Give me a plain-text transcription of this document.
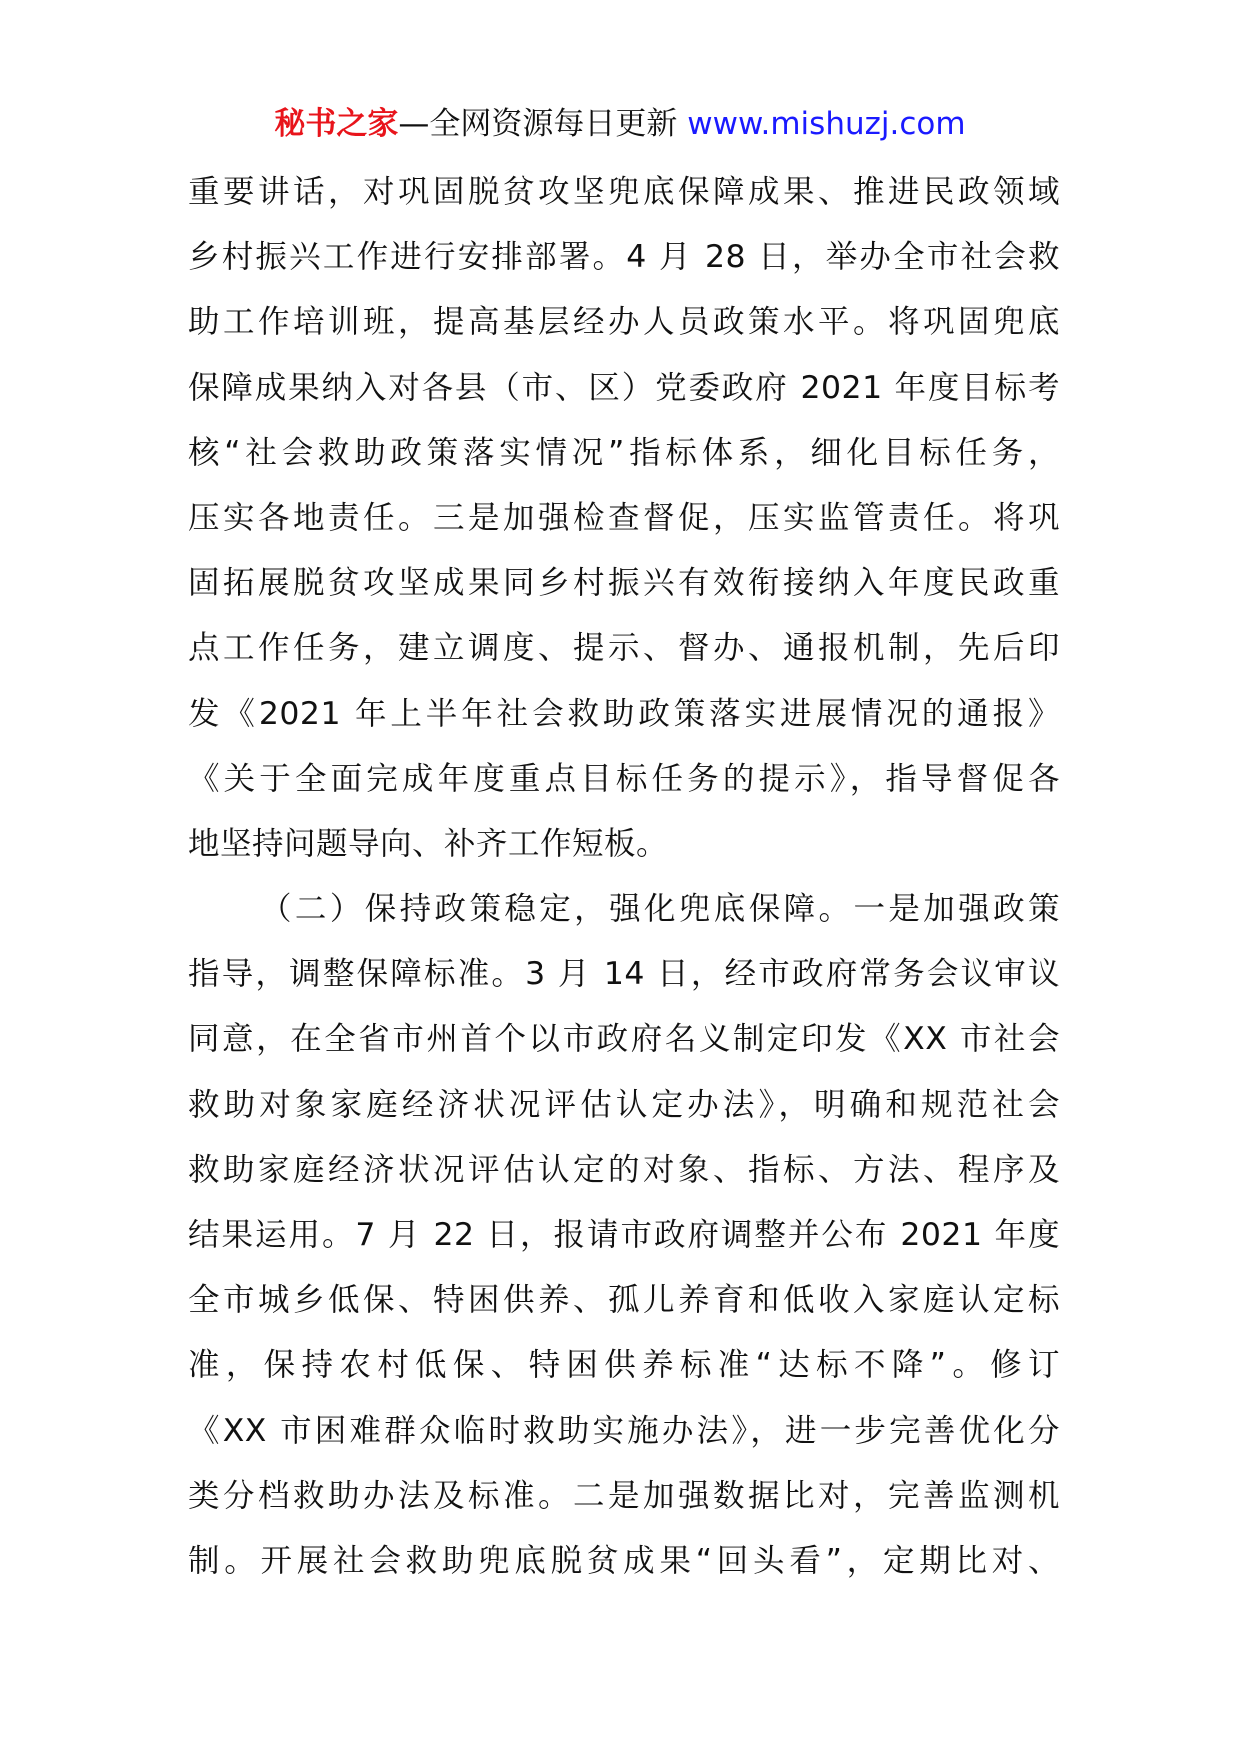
秘书之家—全网资源每日更新 www.mishuzj.com
重要讲话，对巩固脱贫攻坚兜底保障成果、推进民政领域
乡村振兴工作进行安排部署。4 月 28 日，举办全市社会救
助工作培训班，提高基层经办人员政策水平。将巩固兜底
保障成果纳入对各县（市、区）党委政府 2021 年度目标考
核“社会救助政策落实情况”指标体系，细化目标任务，
压实各地责任。三是加强检查督促，压实监管责任。将巩
固拓展脱贫攻坚成果同乡村振兴有效衔接纳入年度民政重
点工作任务，建立调度、提示、督办、通报机制，先后印
发《2021 年上半年社会救助政策落实进展情况的通报》
《关于全面完成年度重点目标任务的提示》，指导督促各
地坚持问题导向、补齐工作短板。
（二）保持政策稳定，强化兜底保障。一是加强政策
指导，调整保障标准。3 月 14 日，经市政府常务会议审议
同意，在全省市州首个以市政府名义制定印发《XX 市社会
救助对象家庭经济状况评估认定办法》，明确和规范社会
救助家庭经济状况评估认定的对象、指标、方法、程序及
结果运用。7 月 22 日，报请市政府调整并公布 2021 年度
全市城乡低保、特困供养、孤儿养育和低收入家庭认定标
准，保持农村低保、特困供养标准“达标不降”。修订
《XX 市困难群众临时救助实施办法》，进一步完善优化分
类分档救助办法及标准。二是加强数据比对，完善监测机
制。开展社会救助兜底脱贫成果“回头看”，定期比对、
